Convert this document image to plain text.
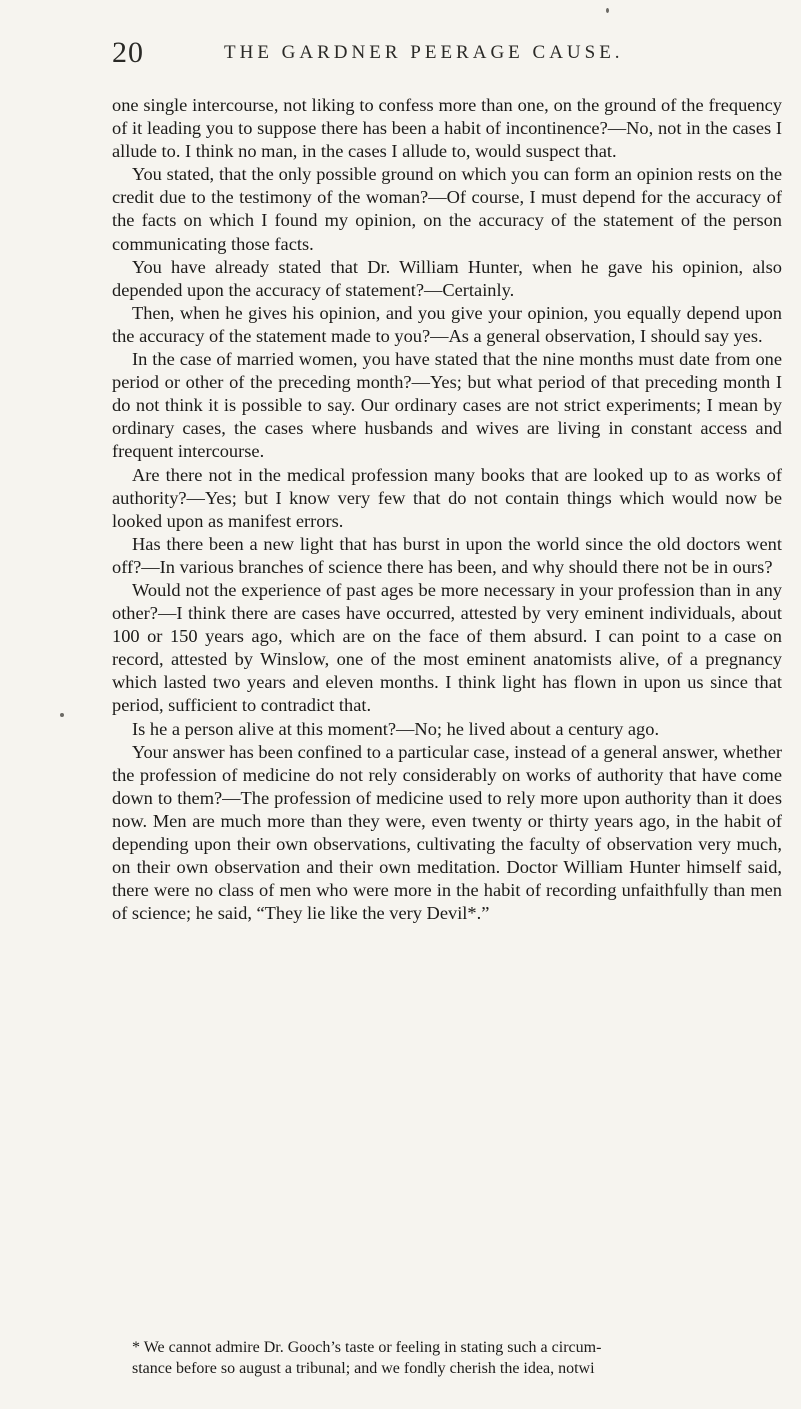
20	THE GARDNER PEERAGE CAUSE.

one single intercourse, not liking to confess more than one, on the ground of the frequency of it leading you to suppose there has been a habit of incontinence?—No, not in the cases I allude to. I think no man, in the cases I allude to, would suspect that.

You stated, that the only possible ground on which you can form an opinion rests on the credit due to the testimony of the woman?—Of course, I must depend for the accuracy of the facts on which I found my opinion, on the accuracy of the statement of the person communicating those facts.

You have already stated that Dr. William Hunter, when he gave his opinion, also depended upon the accuracy of statement?—Certainly.

Then, when he gives his opinion, and you give your opinion, you equally depend upon the accuracy of the statement made to you?—As a general observation, I should say yes.

In the case of married women, you have stated that the nine months must date from one period or other of the preceding month?—Yes; but what period of that preceding month I do not think it is possible to say. Our ordinary cases are not strict experiments; I mean by ordinary cases, the cases where husbands and wives are living in constant access and frequent intercourse.

Are there not in the medical profession many books that are looked up to as works of authority?—Yes; but I know very few that do not contain things which would now be looked upon as manifest errors.

Has there been a new light that has burst in upon the world since the old doctors went off?—In various branches of science there has been, and why should there not be in ours?

Would not the experience of past ages be more necessary in your profession than in any other?—I think there are cases have occurred, attested by very eminent individuals, about 100 or 150 years ago, which are on the face of them absurd. I can point to a case on record, attested by Winslow, one of the most eminent anatomists alive, of a pregnancy which lasted two years and eleven months. I think light has flown in upon us since that period, sufficient to contradict that.

Is he a person alive at this moment?—No; he lived about a century ago.

Your answer has been confined to a particular case, instead of a general answer, whether the profession of medicine do not rely considerably on works of authority that have come down to them?—The profession of medicine used to rely more upon authority than it does now. Men are much more than they were, even twenty or thirty years ago, in the habit of depending upon their own observations, cultivating the faculty of observation very much, on their own observation and their own meditation. Doctor William Hunter himself said, there were no class of men who were more in the habit of recording unfaithfully than men of science; he said, “They lie like the very Devil*.”

* We cannot admire Dr. Gooch’s taste or feeling in stating such a circum-

stance before so august a tribunal; and we fondly cherish the idea, notwi
